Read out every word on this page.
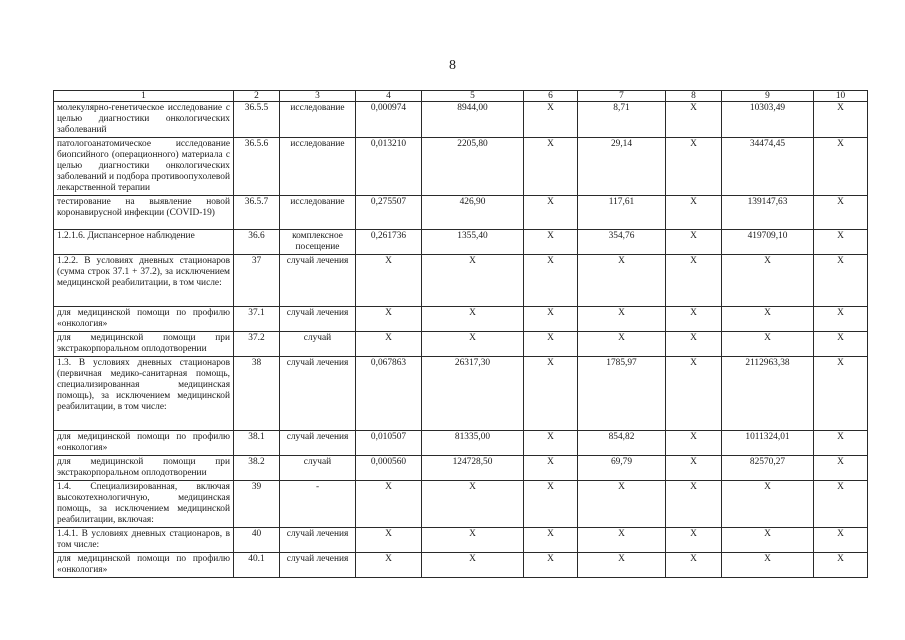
8
1	2	3	4	5	6	7	8	9	10
молекулярно-генетическое исследование с целью диагностики онкологических заболеваний	36.5.5	исследование	0,000974	8944,00	X	8,71	X	10303,49	X
патологоанатомическое исследование биопсийного (операционного) материала с целью диагностики онкологических заболеваний и подбора противоопухолевой лекарственной терапии	36.5.6	исследование	0,013210	2205,80	X	29,14	X	34474,45	X
тестирование на выявление новой коронавирусной инфекции (COVID-19)	36.5.7	исследование	0,275507	426,90	X	117,61	X	139147,63	X
1.2.1.6. Диспансерное наблюдение	36.6	комплексное посещение	0,261736	1355,40	X	354,76	X	419709,10	X
1.2.2. В условиях дневных стационаров (сумма строк 37.1 + 37.2), за исключением медицинской реабилитации, в том числе:	37	случай лечения	X	X	X	X	X	X	X
для медицинской помощи по профилю «онкология»	37.1	случай лечения	X	X	X	X	X	X	X
для медицинской помощи при экстракорпоральном оплодотворении	37.2	случай	X	X	X	X	X	X	X
1.3. В условиях дневных стационаров (первичная медико-санитарная помощь, специализированная медицинская помощь), за исключением медицинской реабилитации, в том числе:	38	случай лечения	0,067863	26317,30	X	1785,97	X	2112963,38	X
для медицинской помощи по профилю «онкология»	38.1	случай лечения	0,010507	81335,00	X	854,82	X	1011324,01	X
для медицинской помощи при экстракорпоральном оплодотворении	38.2	случай	0,000560	124728,50	X	69,79	X	82570,27	X
1.4. Специализированная, включая высокотехнологичную, медицинская помощь, за исключением медицинской реабилитации, включая:	39	-	X	X	X	X	X	X	X
1.4.1. В условиях дневных стационаров, в том числе:	40	случай лечения	X	X	X	X	X	X	X
для медицинской помощи по профилю «онкология»	40.1	случай лечения	X	X	X	X	X	X	X
